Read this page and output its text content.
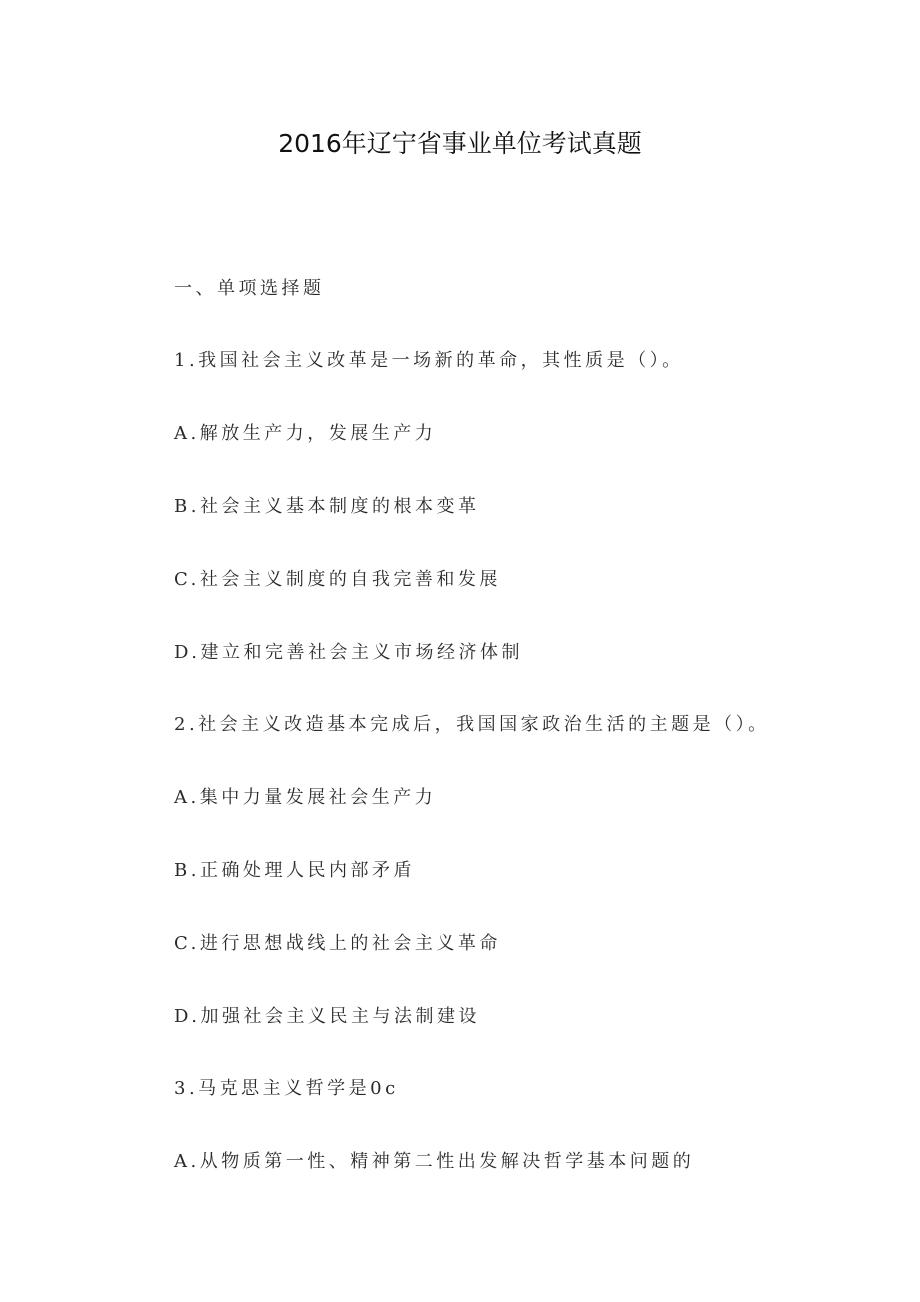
2016年辽宁省事业单位考试真题
一、单项选择题
1.我国社会主义改革是一场新的革命，其性质是（）。
A.解放生产力，发展生产力
B.社会主义基本制度的根本变革
C.社会主义制度的自我完善和发展
D.建立和完善社会主义市场经济体制
2.社会主义改造基本完成后，我国国家政治生活的主题是（）。
A.集中力量发展社会生产力
B.正确处理人民内部矛盾
C.进行思想战线上的社会主义革命
D.加强社会主义民主与法制建设
3.马克思主义哲学是0c
A.从物质第一性、精神第二性出发解决哲学基本问题的
